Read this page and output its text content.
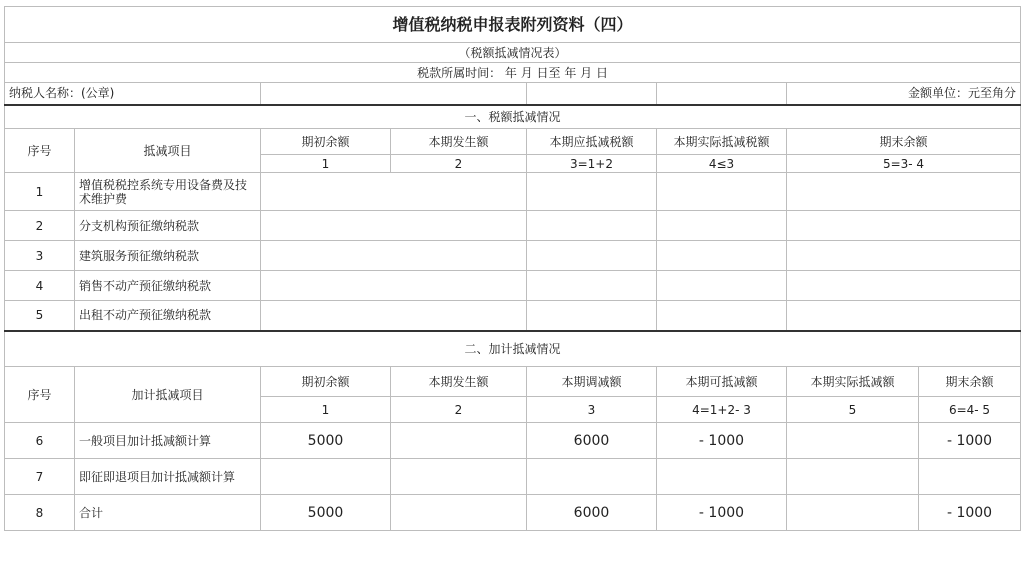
增值税纳税申报表附列资料（四）							
（税额抵减情况表）							
税款所属时间： 年 月 日至 年 月 日							
纳税人名称：(公章)						金额单位：元至角分	
一、税额抵减情况							
序号	抵减项目	期初余额	本期发生额	本期应抵减税额	本期实际抵减税额	期末余额	
		1	2	3=1+2	4≤3	5=3- 4	
1	增值税税控系统专用设备费及技术维护费						
2	分支机构预征缴纳税款						
3	建筑服务预征缴纳税款						
4	销售不动产预征缴纳税款						
5	出租不动产预征缴纳税款						
二、加计抵减情况							
序号	加计抵减项目	期初余额	本期发生额	本期调减额	本期可抵减额	本期实际抵减额	期末余额
		1	2	3	4=1+2- 3	5	6=4- 5
6	一般项目加计抵减额计算	5000		6000	- 1000		- 1000
7	即征即退项目加计抵减额计算						
8	合计	5000		6000	- 1000		- 1000
